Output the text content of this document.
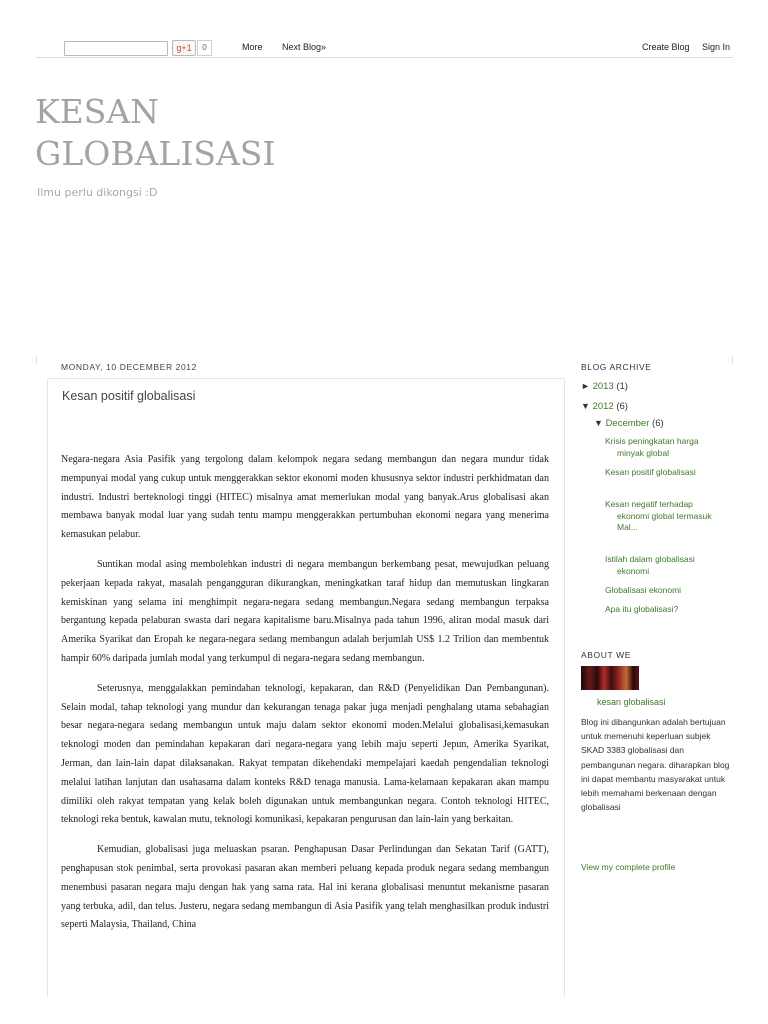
g+1	0	More Next Blog»	Create Blog Sign In
KESAN
GLOBALISASI
Ilmu perlu dikongsi :D
MONDAY, 10 DECEMBER 2012
Kesan positif globalisasi

Negara-negara Asia Pasifik yang tergolong dalam kelompok negara sedang membangun dan negara mundur tidak mempunyai modal yang cukup untuk menggerakkan sektor ekonomi moden khususnya sektor industri perkhidmatan dan industri. Industri berteknologi tinggi (HITEC) misalnya amat memerlukan modal yang banyak.Arus globalisasi akan membawa banyak modal luar yang sudah tentu mampu menggerakkan pertumbuhan ekonomi negara yang menerima kemasukan pelabur.

Suntikan modal asing membolehkan industri di negara membangun berkembang pesat, mewujudkan peluang pekerjaan kepada rakyat, masalah pengangguran dikurangkan, meningkatkan taraf hidup dan memutuskan lingkaran kemiskinan yang selama ini menghimpit negara-negara sedang membangun.Negara sedang membangun terpaksa bergantung kepada pelaburan swasta dari negara kapitalisme baru.Misalnya pada tahun 1996, aliran modal masuk dari Amerika Syarikat dan Eropah ke negara-negara sedang membangun adalah berjumlah US$ 1.2 Trilion dan membentuk hampir 60% daripada jumlah modal yang terkumpul di negara-negara sedang membangun.

Seterusnya, menggalakkan pemindahan teknologi, kepakaran, dan R&D (Penyelidikan Dan Pembangunan). Selain modal, tahap teknologi yang mundur dan kekurangan tenaga pakar juga menjadi penghalang utama sebahagian besar negara-negara sedang membangun untuk maju dalam sektor ekonomi moden.Melalui globalisasi,kemasukan teknologi moden dan pemindahan kepakaran dari negara-negara yang lebih maju seperti Jepun, Amerika Syarikat, Jerman, dan lain-lain dapat dilaksanakan. Rakyat tempatan dikehendaki mempelajari kaedah pengendalian teknologi melalui latihan lanjutan dan usahasama dalam konteks R&D tenaga manusia. Lama-kelamaan kepakaran akan mampu dimiliki oleh rakyat tempatan yang kelak boleh digunakan untuk membangunkan negara. Contoh teknologi HITEC, teknologi reka bentuk, kawalan mutu, teknologi komunikasi, kepakaran pengurusan dan lain-lain yang berkaitan.

Kemudian, globalisasi juga meluaskan psaran. Penghapusan Dasar Perlindungan dan Sekatan Tarif (GATT), penghapusan stok penimbal, serta provokasi pasaran akan memberi peluang kepada produk negara sedang membangun menembusi pasaran negara maju dengan hak yang sama rata. Hal ini kerana globalisasi menuntut mekanisme pasaran yang terbuka, adil, dan telus. Justeru, negara sedang membangun di Asia Pasifik yang telah menghasilkan produk industri seperti Malaysia, Thailand, China

BLOG ARCHIVE
► 2013 (1)
▼ 2012 (6)
▼ December (6)
Krisis peningkatan harga minyak global
Kesan positif globalisasi
Kesan negatif terhadap ekonomi global termasuk Mal...
Istilah dalam globalisasi ekonomi
Globalisasi ekonomi
Apa itu globalisasi?
ABOUT WE
kesan globalisasi
Blog ini dibangunkan adalah bertujuan untuk memenuhi keperluan subjek SKAD 3383 globalisasi dan pembangunan negara. diharapkan blog ini dapat membantu masyarakat untuk lebih memahami berkenaan dengan globalisasi
View my complete profile
